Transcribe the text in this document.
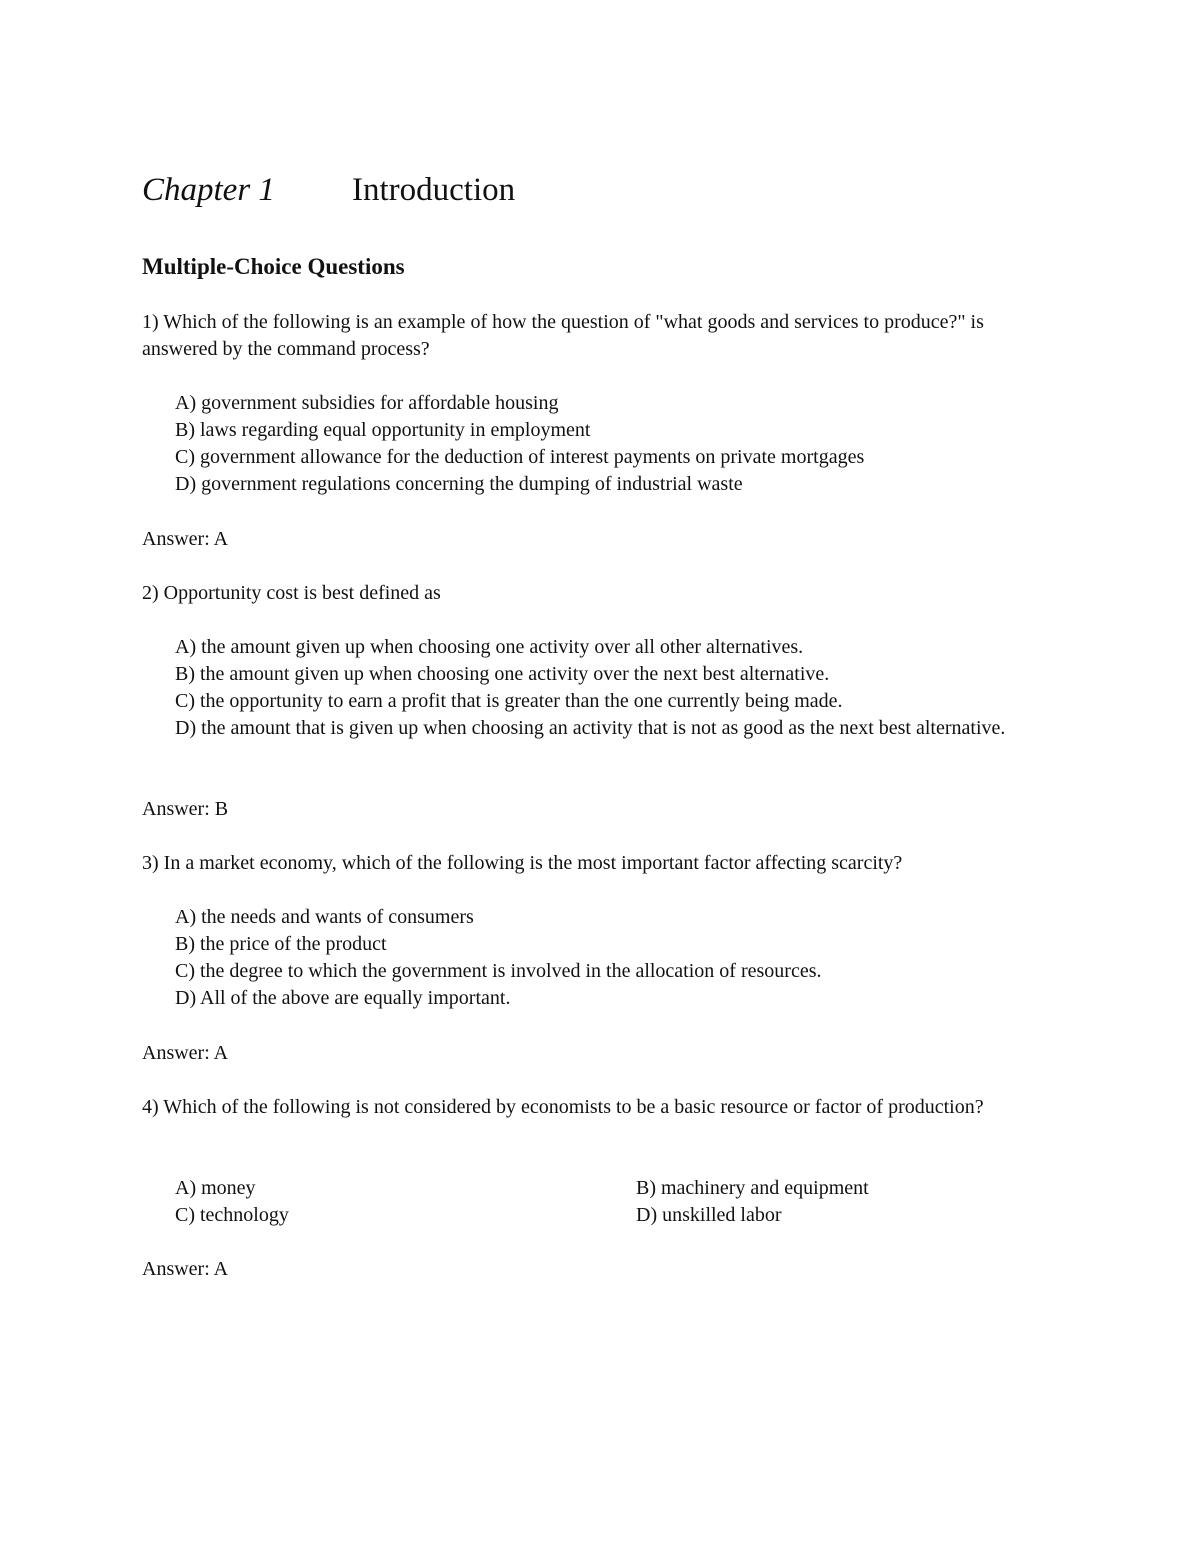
Chapter 1 Introduction
Multiple-Choice Questions
1) Which of the following is an example of how the question of "what goods and services to produce?" is answered by the command process?
A) government subsidies for affordable housing
B) laws regarding equal opportunity in employment
C) government allowance for the deduction of interest payments on private mortgages
D) government regulations concerning the dumping of industrial waste
Answer: A
2) Opportunity cost is best defined as
A) the amount given up when choosing one activity over all other alternatives.
B) the amount given up when choosing one activity over the next best alternative.
C) the opportunity to earn a profit that is greater than the one currently being made.
D) the amount that is given up when choosing an activity that is not as good as the next best alternative.
Answer: B
3) In a market economy, which of the following is the most important factor affecting scarcity?
A) the needs and wants of consumers
B) the price of the product
C) the degree to which the government is involved in the allocation of resources.
D) All of the above are equally important.
Answer: A
4) Which of the following is not considered by economists to be a basic resource or factor of production?
A) money	B) machinery and equipment
C) technology	D) unskilled labor
Answer: A
